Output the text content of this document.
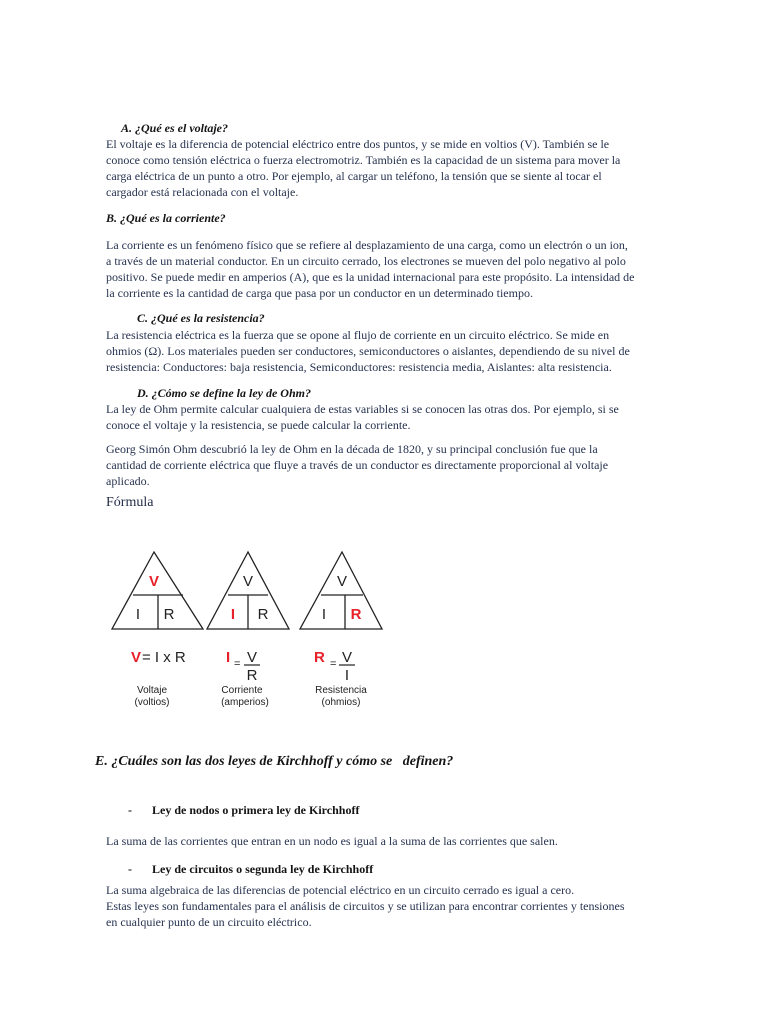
A. ¿Qué es el voltaje?
El voltaje es la diferencia de potencial eléctrico entre dos puntos, y se mide en voltios (V). También se le
conoce como tensión eléctrica o fuerza electromotriz. También es la capacidad de un sistema para mover la
carga eléctrica de un punto a otro. Por ejemplo, al cargar un teléfono, la tensión que se siente al tocar el
cargador está relacionada con el voltaje.
B. ¿Qué es la corriente?
La corriente es un fenómeno físico que se refiere al desplazamiento de una carga, como un electrón o un ion,
a través de un material conductor. En un circuito cerrado, los electrones se mueven del polo negativo al polo
positivo. Se puede medir en amperios (A), que es la unidad internacional para este propósito. La intensidad de
la corriente es la cantidad de carga que pasa por un conductor en un determinado tiempo.
C. ¿Qué es la resistencia?
La resistencia eléctrica es la fuerza que se opone al flujo de corriente en un circuito eléctrico. Se mide en
ohmios (Ω). Los materiales pueden ser conductores, semiconductores o aislantes, dependiendo de su nivel de
resistencia: Conductores: baja resistencia, Semiconductores: resistencia media, Aislantes: alta resistencia.
D. ¿Cómo se define la ley de Ohm?
La ley de Ohm permite calcular cualquiera de estas variables si se conocen las otras dos. Por ejemplo, si se
conoce el voltaje y la resistencia, se puede calcular la corriente.
Georg Simón Ohm descubrió la ley de Ohm en la década de 1820, y su principal conclusión fue que la
cantidad de corriente eléctrica que fluye a través de un conductor es directamente proporcional al voltaje
aplicado.
Fórmula
V
I R
V
I R
V
I R
V = I x R	I = V
R
R = V
I
Voltaje
(voltios)
Corriente
(amperios)
Resistencia
(ohmios)
E. ¿Cuáles son las dos leyes de Kirchhoff y cómo se   definen?
- Ley de nodos o primera ley de Kirchhoff
La suma de las corrientes que entran en un nodo es igual a la suma de las corrientes que salen.
- Ley de circuitos o segunda ley de Kirchhoff
La suma algebraica de las diferencias de potencial eléctrico en un circuito cerrado es igual a cero.
Estas leyes son fundamentales para el análisis de circuitos y se utilizan para encontrar corrientes y tensiones
en cualquier punto de un circuito eléctrico.
